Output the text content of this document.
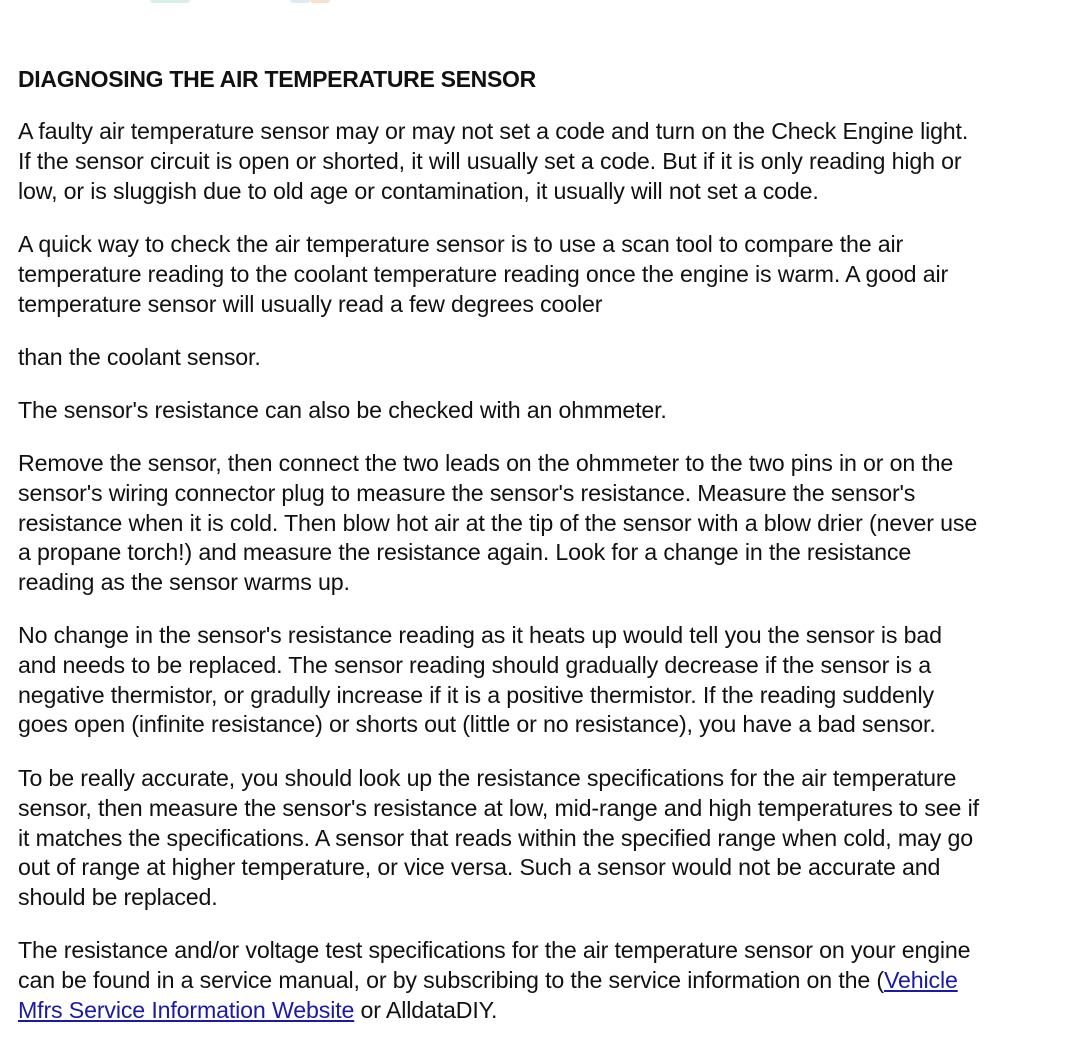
DIAGNOSING THE AIR TEMPERATURE SENSOR
A faulty air temperature sensor may or may not set a code and turn on the Check Engine light.
If the sensor circuit is open or shorted, it will usually set a code. But if it is only reading high or
low, or is sluggish due to old age or contamination, it usually will not set a code.
A quick way to check the air temperature sensor is to use a scan tool to compare the air
temperature reading to the coolant temperature reading once the engine is warm. A good air
temperature sensor will usually read a few degrees cooler
than the coolant sensor.
The sensor's resistance can also be checked with an ohmmeter.
Remove the sensor, then connect the two leads on the ohmmeter to the two pins in or on the
sensor's wiring connector plug to measure the sensor's resistance. Measure the sensor's
resistance when it is cold. Then blow hot air at the tip of the sensor with a blow drier (never use
a propane torch!) and measure the resistance again. Look for a change in the resistance
reading as the sensor warms up.
No change in the sensor's resistance reading as it heats up would tell you the sensor is bad
and needs to be replaced. The sensor reading should gradually decrease if the sensor is a
negative thermistor, or gradully increase if it is a positive thermistor. If the reading suddenly
goes open (infinite resistance) or shorts out (little or no resistance), you have a bad sensor.
To be really accurate, you should look up the resistance specifications for the air temperature
sensor, then measure the sensor's resistance at low, mid-range and high temperatures to see if
it matches the specifications. A sensor that reads within the specified range when cold, may go
out of range at higher temperature, or vice versa. Such a sensor would not be accurate and
should be replaced.
The resistance and/or voltage test specifications for the air temperature sensor on your engine
can be found in a service manual, or by subscribing to the service information on the (Vehicle
Mfrs Service Information Website or AlldataDIY.
